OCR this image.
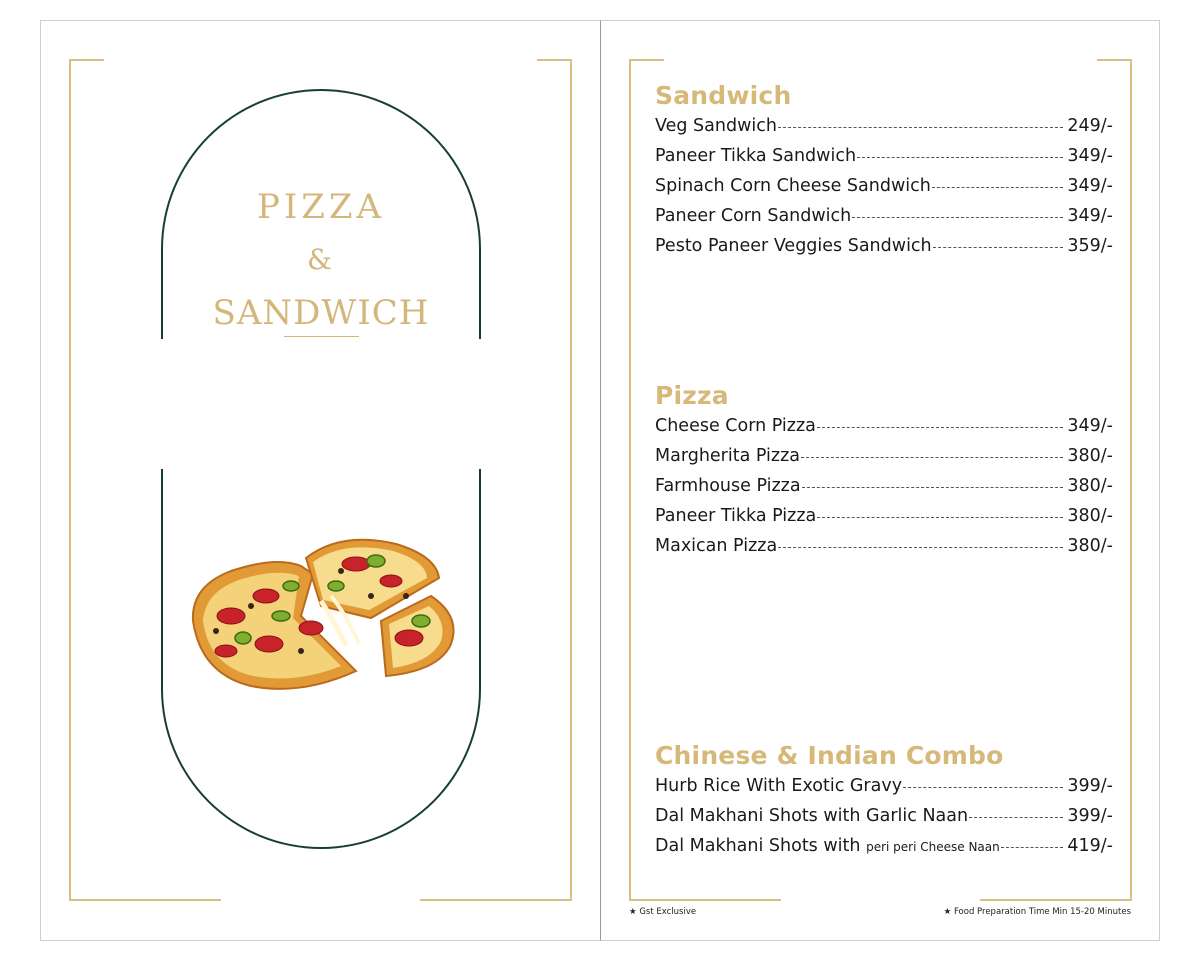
PIZZA
&
SANDWICH
Sandwich
Veg Sandwich	249/-
Paneer Tikka Sandwich	349/-
Spinach Corn Cheese Sandwich	349/-
Paneer Corn Sandwich	349/-
Pesto Paneer Veggies Sandwich	359/-
Pizza
Cheese Corn Pizza	349/-
Margherita Pizza	380/-
Farmhouse Pizza	380/-
Paneer Tikka Pizza	380/-
Maxican Pizza	380/-
Chinese & Indian Combo
Hurb Rice With Exotic Gravy	399/-
Dal Makhani Shots with Garlic Naan	399/-
Dal Makhani Shots with peri peri Cheese Naan	419/-
★ Gst Exclusive	★ Food Preparation Time Min 15-20 Minutes
